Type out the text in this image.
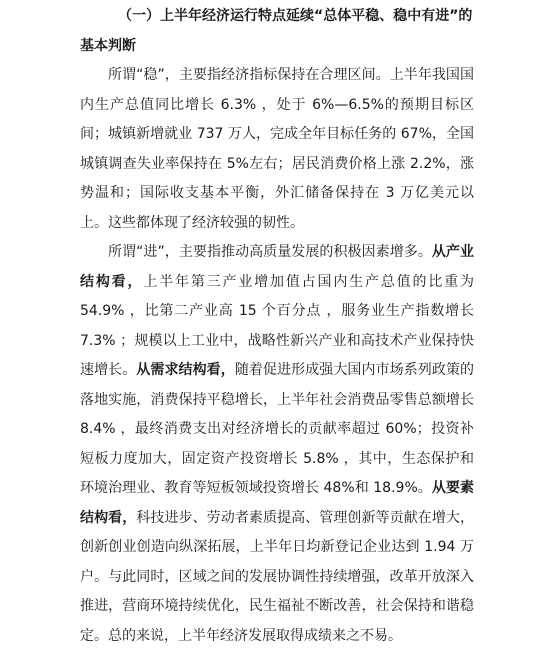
（一）上半年经济运行特点延续“总体平稳、稳中有进”的基本判断

所谓“稳”，主要指经济指标保持在合理区间。上半年我国国内生产总值同比增长 6.3% ，处于 6%—6.5%的预期目标区间；城镇新增就业 737 万人，完成全年目标任务的 67%，全国城镇调查失业率保持在 5%左右；居民消费价格上涨 2.2%，涨势温和；国际收支基本平衡，外汇储备保持在 3 万亿美元以上。这些都体现了经济较强的韧性。

所谓“进”，主要指推动高质量发展的积极因素增多。从产业结构看，上半年第三产业增加值占国内生产总值的比重为 54.9% ，比第二产业高 15 个百分点 ，服务业生产指数增长 7.3% ；规模以上工业中，战略性新兴产业和高技术产业保持快速增长。从需求结构看，随着促进形成强大国内市场系列政策的落地实施，消费保持平稳增长，上半年社会消费品零售总额增长 8.4% ，最终消费支出对经济增长的贡献率超过 60%；投资补短板力度加大，固定资产投资增长 5.8% ，其中，生态保护和环境治理业、教育等短板领域投资增长 48%和 18.9%。从要素结构看，科技进步、劳动者素质提高、管理创新等贡献在增大，创新创业创造向纵深拓展，上半年日均新登记企业达到 1.94 万户。与此同时，区域之间的发展协调性持续增强，改革开放深入推进，营商环境持续优化，民生福祉不断改善，社会保持和谐稳定。总的来说，上半年经济发展取得成绩来之不易。
